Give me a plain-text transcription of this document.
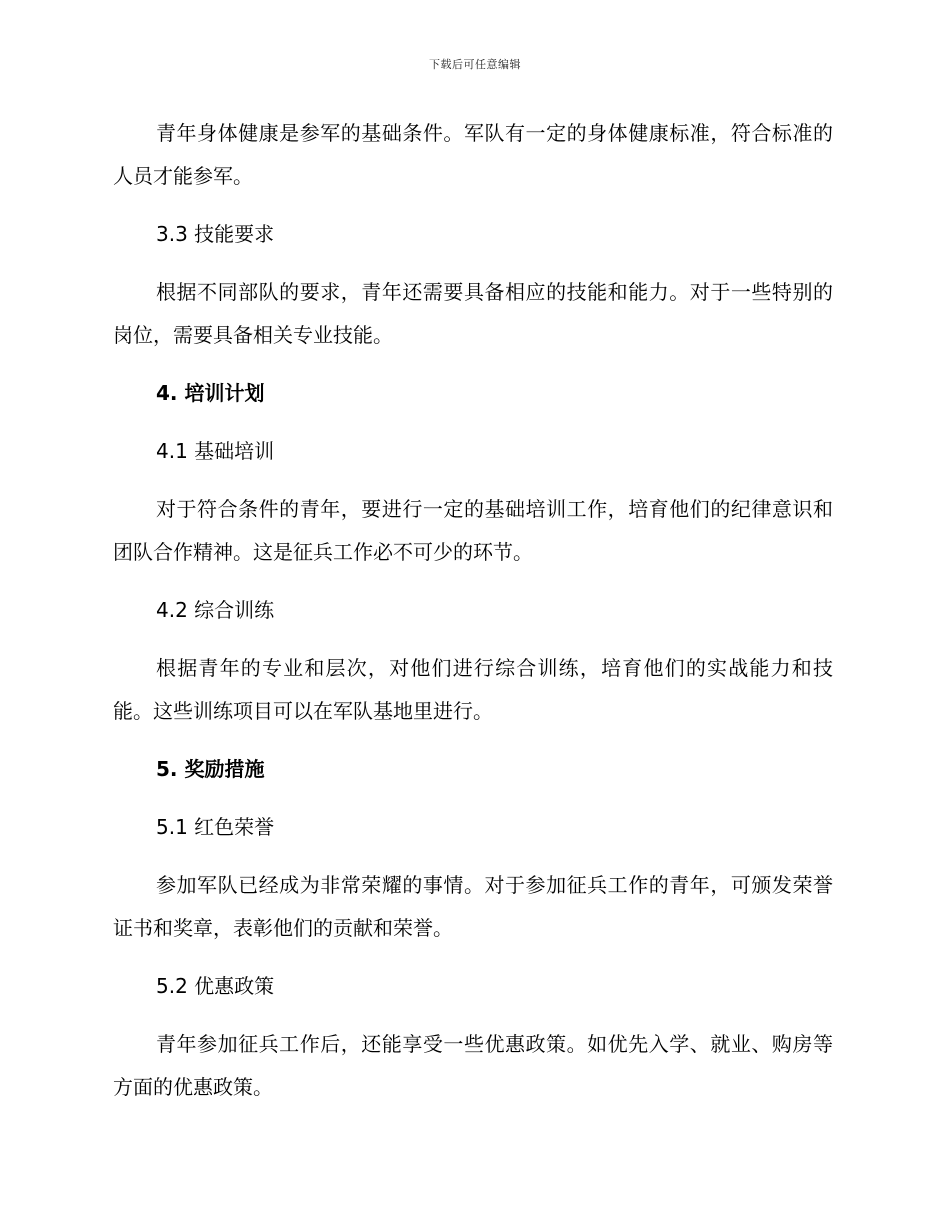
下载后可任意编辑

青年身体健康是参军的基础条件。军队有一定的身体健康标准，符合标准的人员才能参军。

3.3 技能要求

根据不同部队的要求，青年还需要具备相应的技能和能力。对于一些特别的岗位，需要具备相关专业技能。

4. 培训计划

4.1 基础培训

对于符合条件的青年，要进行一定的基础培训工作，培育他们的纪律意识和团队合作精神。这是征兵工作必不可少的环节。

4.2 综合训练

根据青年的专业和层次，对他们进行综合训练，培育他们的实战能力和技能。这些训练项目可以在军队基地里进行。

5. 奖励措施

5.1 红色荣誉

参加军队已经成为非常荣耀的事情。对于参加征兵工作的青年，可颁发荣誉证书和奖章，表彰他们的贡献和荣誉。

5.2 优惠政策

青年参加征兵工作后，还能享受一些优惠政策。如优先入学、就业、购房等方面的优惠政策。
